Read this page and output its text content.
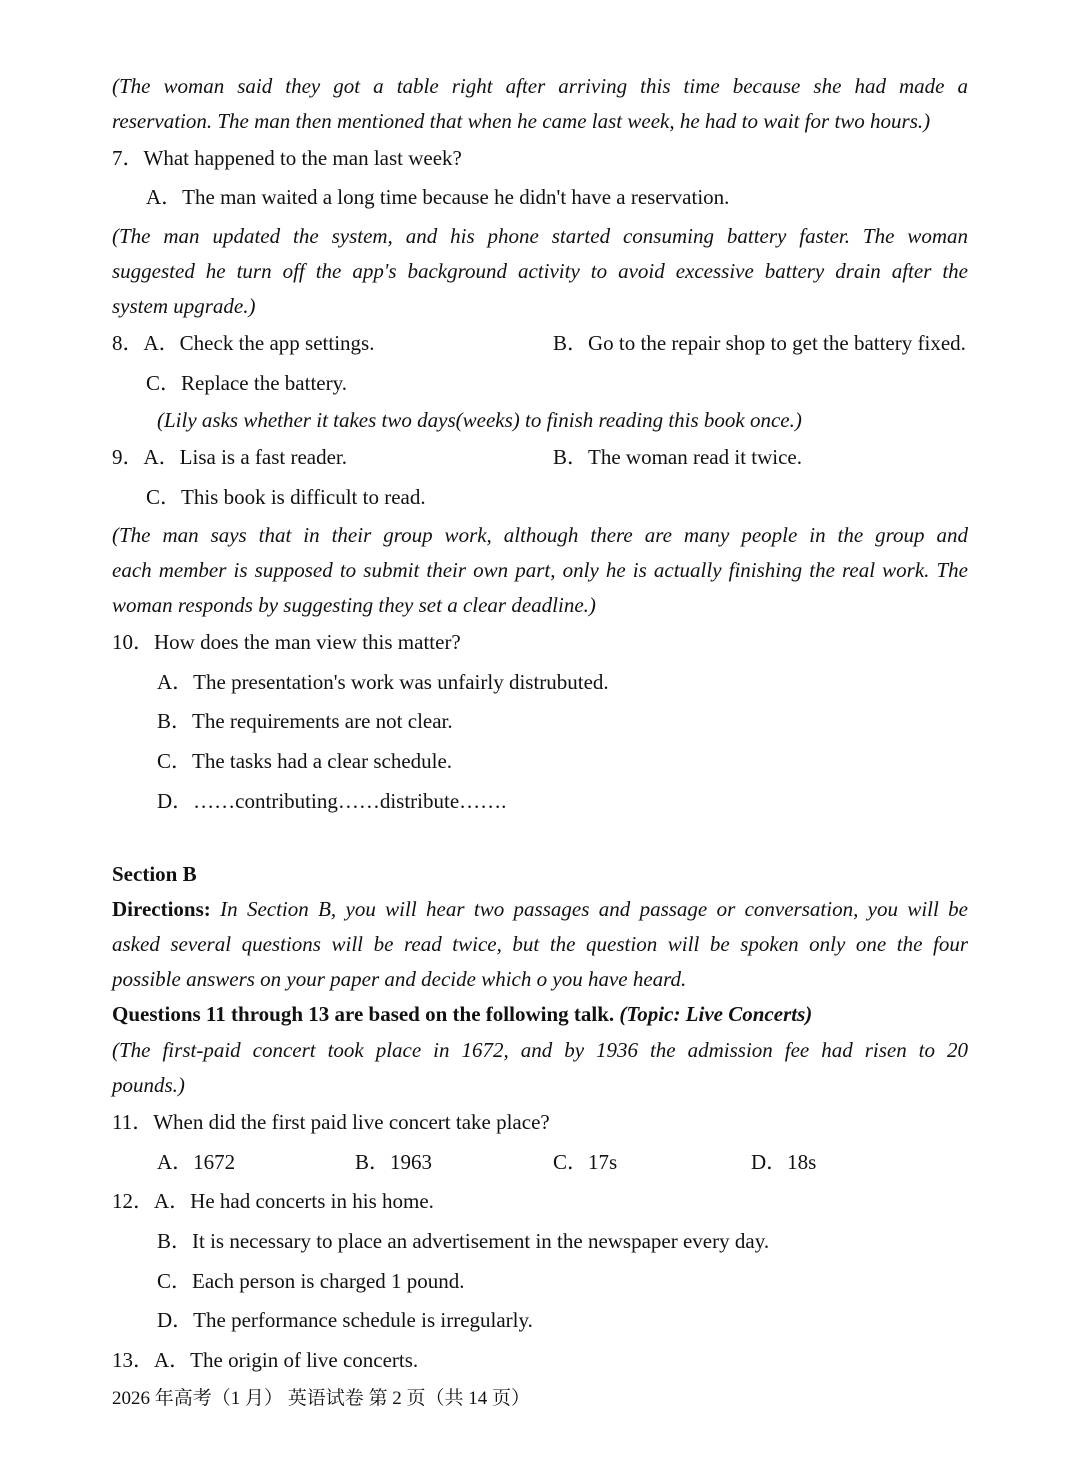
(The woman said they got a table right after arriving this time because she had made a
reservation. The man then mentioned that when he came last week, he had to wait for two hours.)
7．What happened to the man last week?
A．The man waited a long time because he didn't have a reservation.
(The man updated the system, and his phone started consuming battery faster. The woman
suggested he turn off the app's background activity to avoid excessive battery drain after the
system upgrade.)
8．A．Check the app settings.	B．Go to the repair shop to get the battery fixed.
C．Replace the battery.
(Lily asks whether it takes two days(weeks) to finish reading this book once.)
9．A．Lisa is a fast reader.	B．The woman read it twice.
C．This book is difficult to read.
(The man says that in their group work, although there are many people in the group and
each member is supposed to submit their own part, only he is actually finishing the real work. The
woman responds by suggesting they set a clear deadline.)
10．How does the man view this matter?
A．The presentation's work was unfairly distrubuted.
B．The requirements are not clear.
C．The tasks had a clear schedule.
D．……contributing……distribute…….
Section B
Directions: In Section B, you will hear two passages and passage or conversation, you will be
asked several questions will be read twice, but the question will be spoken only one the four
possible answers on your paper and decide which o you have heard.
Questions 11 through 13 are based on the following talk. (Topic: Live Concerts)
(The first-paid concert took place in 1672, and by 1936 the admission fee had risen to 20
pounds.)
11．When did the first paid live concert take place?
A．1672	B．1963	C．17s	D．18s
12．A．He had concerts in his home.
B．It is necessary to place an advertisement in the newspaper every day.
C．Each person is charged 1 pound.
D．The performance schedule is irregularly.
13．A．The origin of live concerts.
2026 年高考（1 月） 英语试卷 第 2 页（共 14 页）
